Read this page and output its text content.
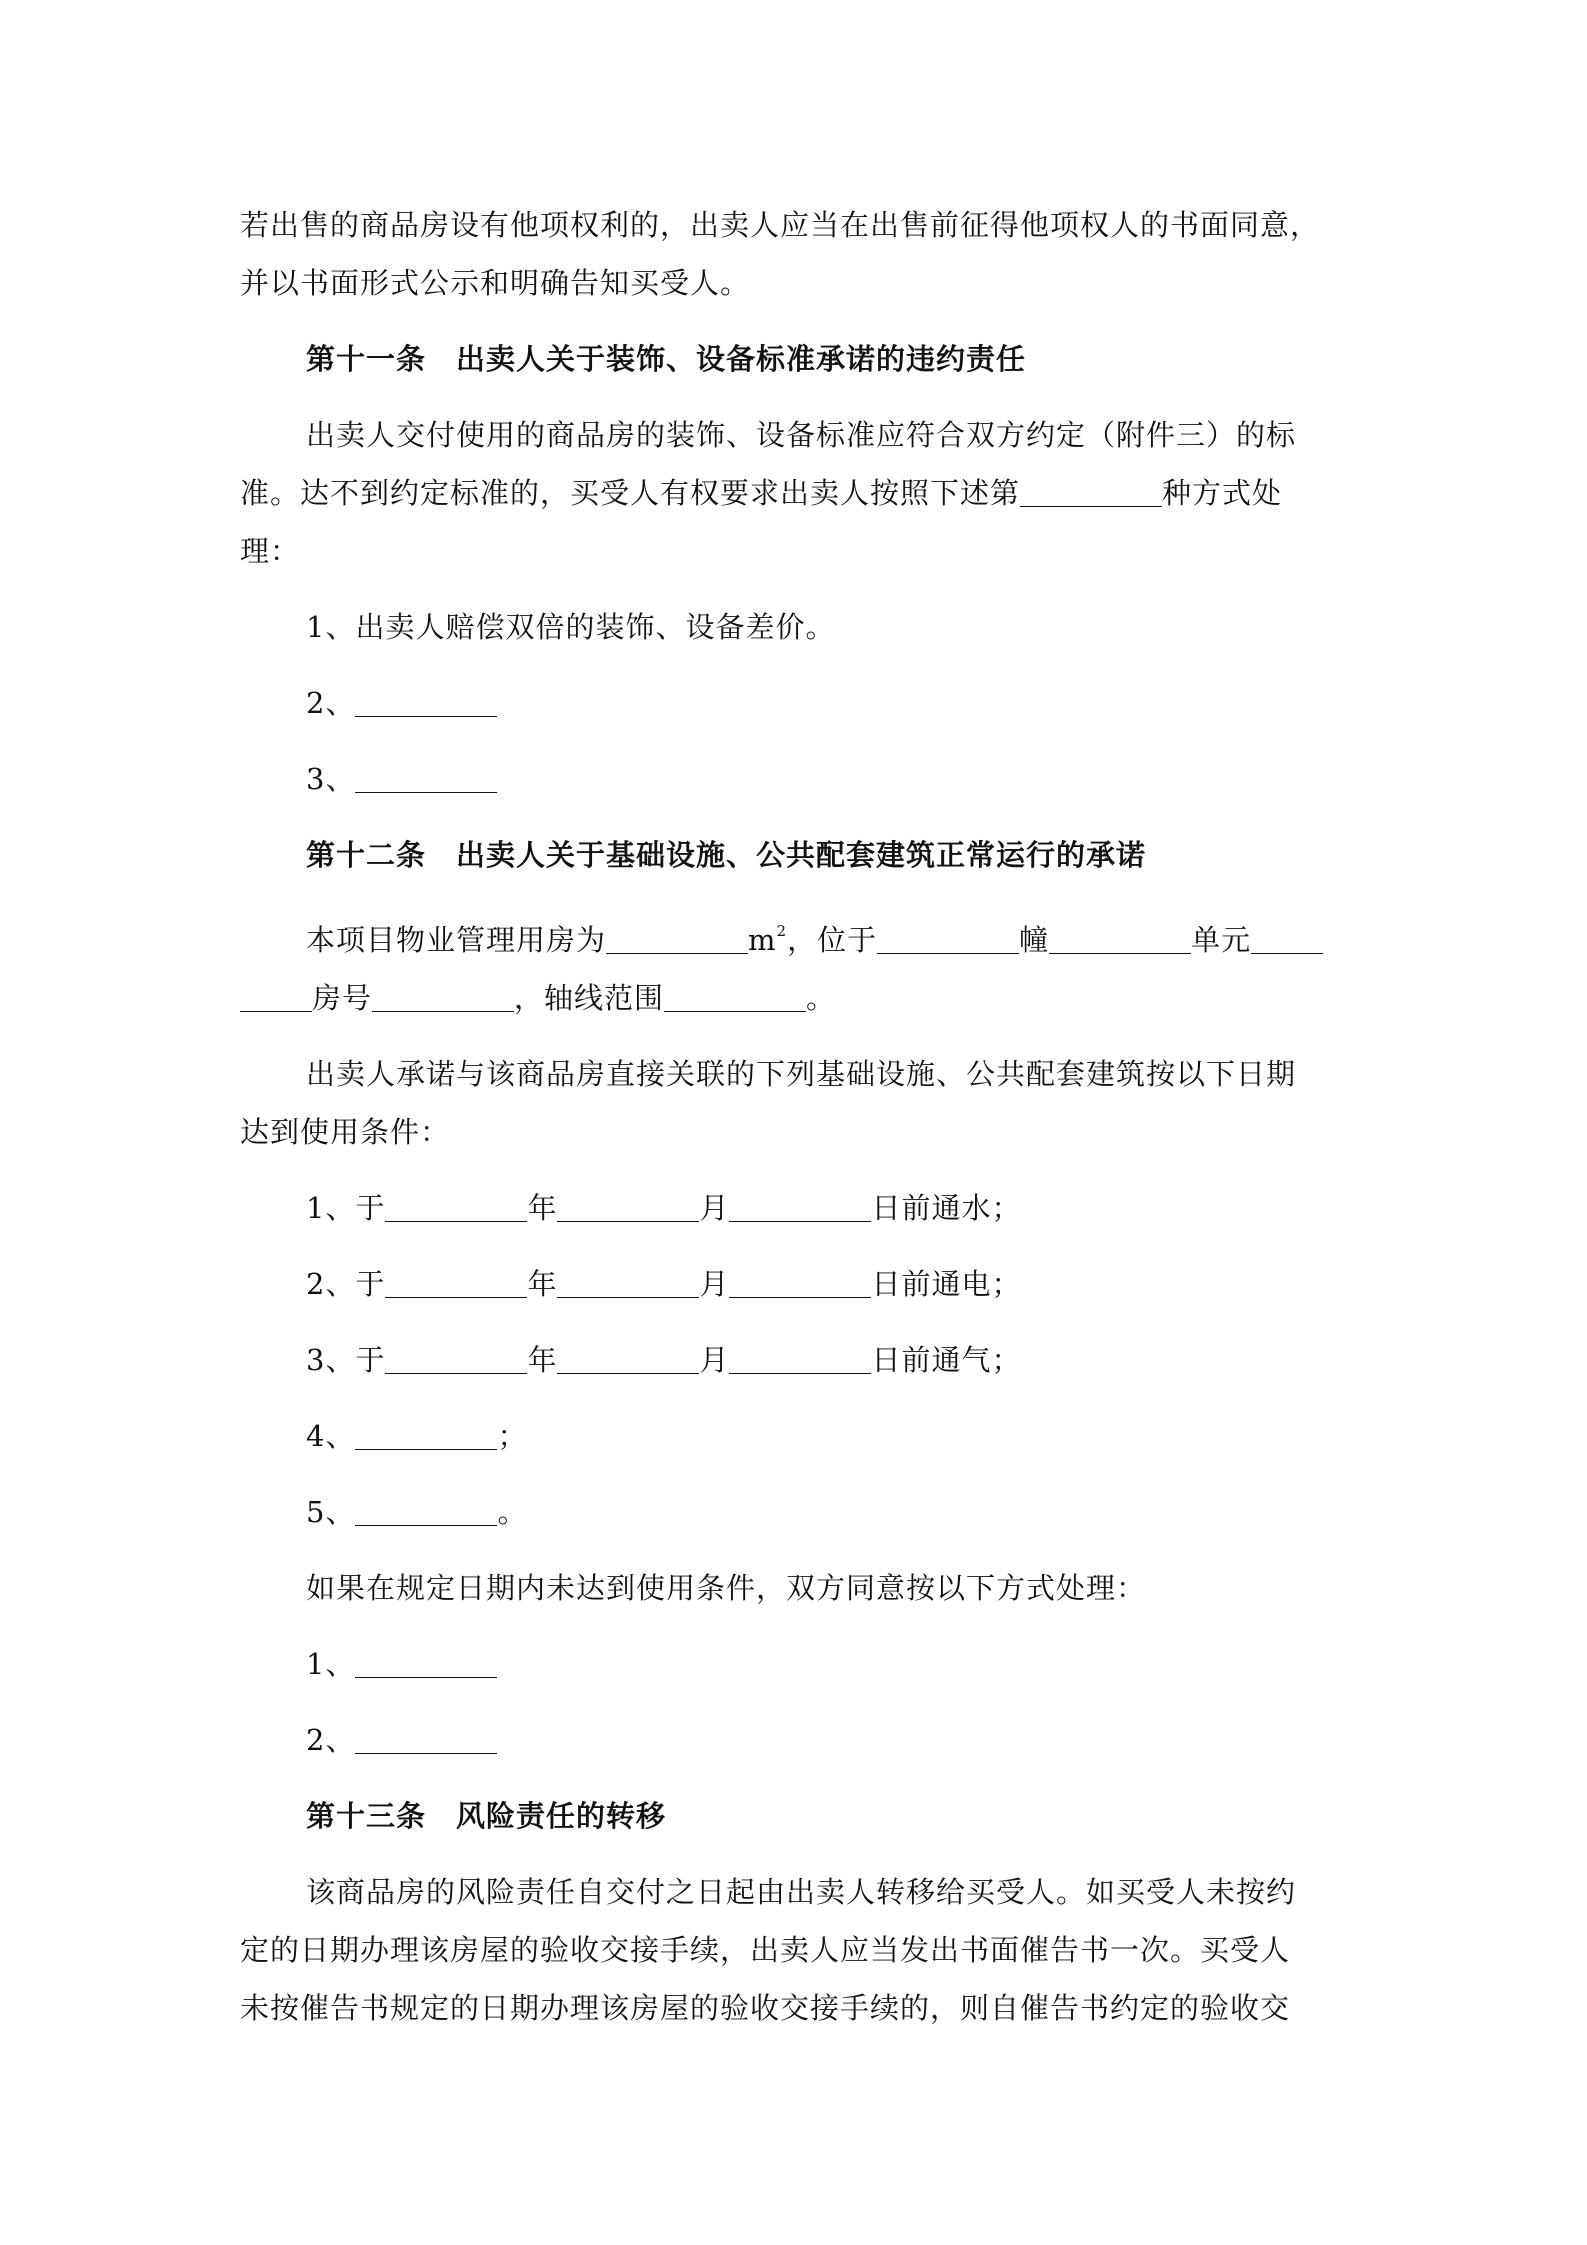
若出售的商品房设有他项权利的，出卖人应当在出售前征得他项权人的书面同意，

并以书面形式公示和明确告知买受人。

第十一条　出卖人关于装饰、设备标准承诺的违约责任

出卖人交付使用的商品房的装饰、设备标准应符合双方约定（附件三）的标

准。达不到约定标准的，买受人有权要求出卖人按照下述第	种方式处

理：

1、出卖人赔偿双倍的装饰、设备差价。

2、

3、

第十二条　出卖人关于基础设施、公共配套建筑正常运行的承诺

本项目物业管理用房为	$m^2$，位于	幢	单元

房号	，轴线范围	。

出卖人承诺与该商品房直接关联的下列基础设施、公共配套建筑按以下日期

达到使用条件：

1、于	年	月	日前通水；

2、于	年	月	日前通电；

3、于	年	月	日前通气；

4、	；

5、	。

如果在规定日期内未达到使用条件，双方同意按以下方式处理：

1、

2、

第十三条　风险责任的转移

该商品房的风险责任自交付之日起由出卖人转移给买受人。如买受人未按约

定的日期办理该房屋的验收交接手续，出卖人应当发出书面催告书一次。买受人

未按催告书规定的日期办理该房屋的验收交接手续的，则自催告书约定的验收交
